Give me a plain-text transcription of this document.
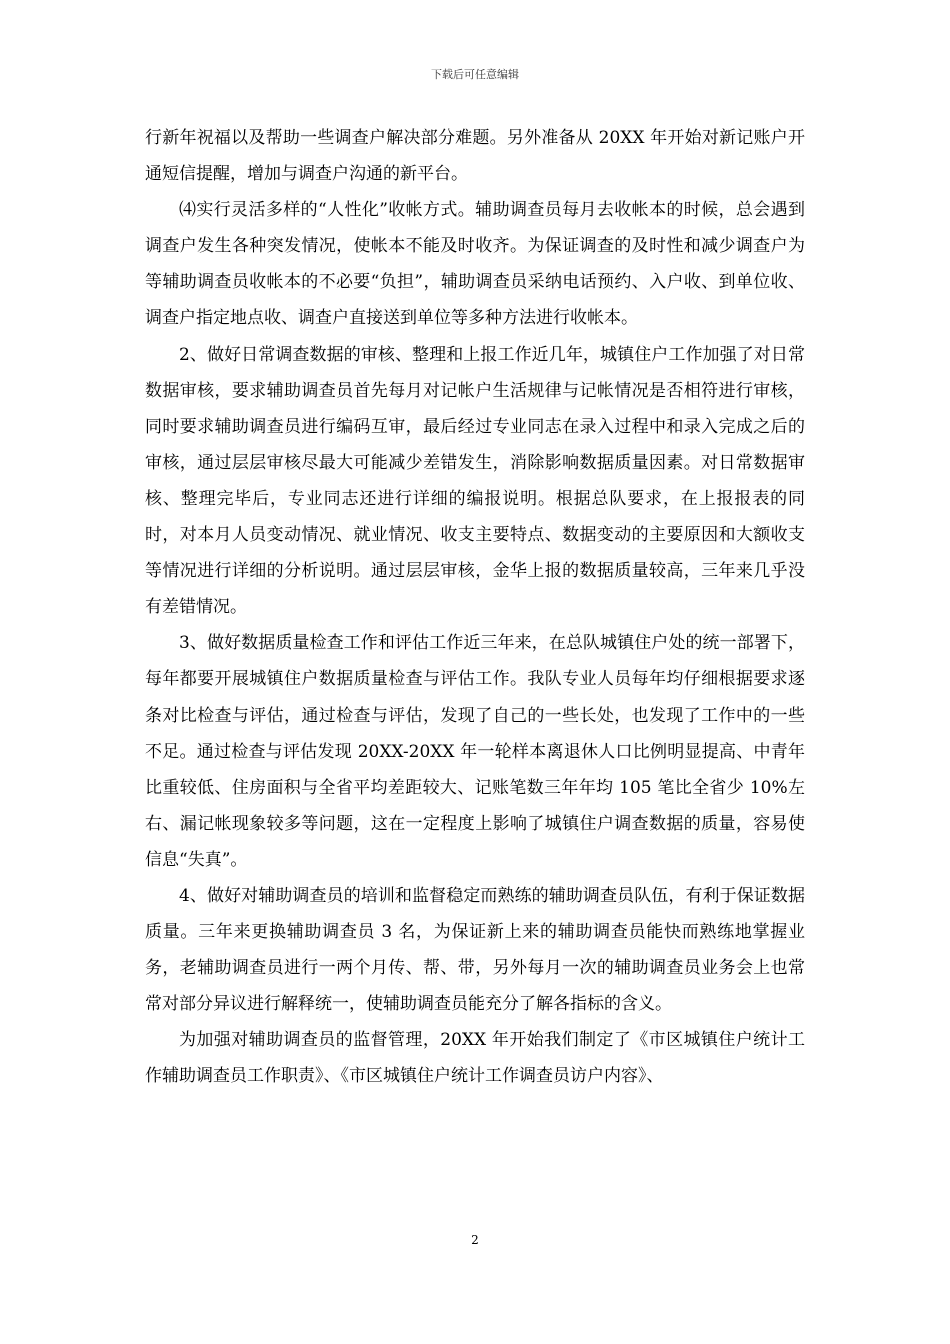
下载后可任意编辑

行新年祝福以及帮助一些调查户解决部分难题。另外准备从 20XX 年开始对新记账户开通短信提醒，增加与调查户沟通的新平台。

⑷实行灵活多样的“人性化”收帐方式。辅助调查员每月去收帐本的时候，总会遇到调查户发生各种突发情况，使帐本不能及时收齐。为保证调查的及时性和减少调查户为等辅助调查员收帐本的不必要“负担”，辅助调查员采纳电话预约、入户收、到单位收、调查户指定地点收、调查户直接送到单位等多种方法进行收帐本。

2、做好日常调查数据的审核、整理和上报工作近几年，城镇住户工作加强了对日常数据审核，要求辅助调查员首先每月对记帐户生活规律与记帐情况是否相符进行审核，同时要求辅助调查员进行编码互审，最后经过专业同志在录入过程中和录入完成之后的审核，通过层层审核尽最大可能减少差错发生，消除影响数据质量因素。对日常数据审核、整理完毕后，专业同志还进行详细的编报说明。根据总队要求，在上报报表的同时，对本月人员变动情况、就业情况、收支主要特点、数据变动的主要原因和大额收支等情况进行详细的分析说明。通过层层审核，金华上报的数据质量较高，三年来几乎没有差错情况。

3、做好数据质量检查工作和评估工作近三年来，在总队城镇住户处的统一部署下，每年都要开展城镇住户数据质量检查与评估工作。我队专业人员每年均仔细根据要求逐条对比检查与评估，通过检查与评估，发现了自己的一些长处，也发现了工作中的一些不足。通过检查与评估发现 20XX-20XX 年一轮样本离退休人口比例明显提高、中青年比重较低、住房面积与全省平均差距较大、记账笔数三年年均 105 笔比全省少 10%左右、漏记帐现象较多等问题，这在一定程度上影响了城镇住户调查数据的质量，容易使信息“失真”。

4、做好对辅助调查员的培训和监督稳定而熟练的辅助调查员队伍，有利于保证数据质量。三年来更换辅助调查员 3 名，为保证新上来的辅助调查员能快而熟练地掌握业务，老辅助调查员进行一两个月传、帮、带，另外每月一次的辅助调查员业务会上也常常对部分异议进行解释统一，使辅助调查员能充分了解各指标的含义。

为加强对辅助调查员的监督管理，20XX 年开始我们制定了《市区城镇住户统计工作辅助调查员工作职责》、《市区城镇住户统计工作调查员访户内容》、

2
